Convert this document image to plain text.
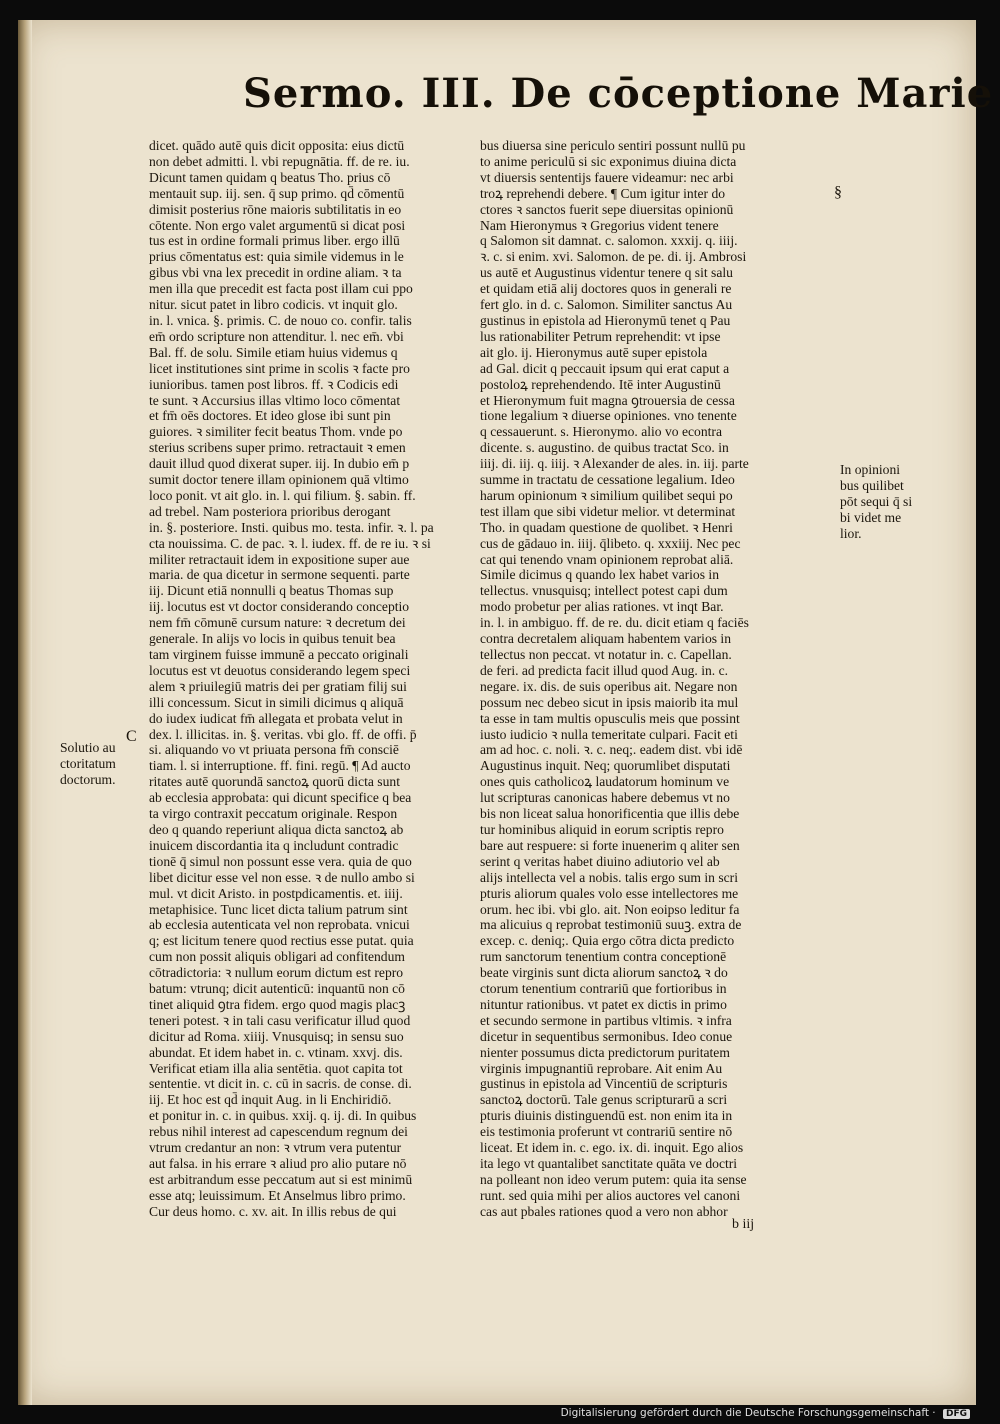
Sermo. III. De cōceptione Marie

dicet. quādo autē quis dicit opposita: eius dictū

non debet admitti. l. vbi repugnātia. ff. de re. iu.

Dicunt tamen quidam q beatus Tho. prius cō

mentauit sup. iij. sen. q̄ sup primo. qd̄ cōmentū

dimisit posterius rōne maioris subtilitatis in eo

cōtente. Non ergo valet argumentū si dicat posi

tus est in ordine formali primus liber. ergo illū

prius cōmentatus est: quia simile videmus in le

gibus vbi vna lex precedit in ordine aliam. ꝛ ta

men illa que precedit est facta post illam cui ppo

nitur. sicut patet in libro codicis. vt inquit glo.

in. l. vnica. §. primis. C. de nouo co. confir. talis

em̄ ordo scripture non attenditur. l. nec em̄. vbi

Bal. ff. de solu. Simile etiam huius videmus q

licet institutiones sint prime in scolis ꝛ facte pro

iunioribus. tamen post libros. ff. ꝛ Codicis edi

te sunt. ꝛ Accursius illas vltimo loco cōmentat

et fm̄ oēs doctores. Et ideo glose ibi sunt pin

guiores. ꝛ similiter fecit beatus Thom. vnde po

sterius scribens super primo. retractauit ꝛ emen

dauit illud quod dixerat super. iij. In dubio em̄ p

sumit doctor tenere illam opinionem quā vltimo

loco ponit. vt ait glo. in. l. qui filium. §. sabin. ff.

ad trebel. Nam posteriora prioribus derogant

in. §. posteriore. Insti. quibus mo. testa. infir. ꝛ. l. pa

cta nouissima. C. de pac. ꝛ. l. iudex. ff. de re iu. ꝛ si

militer retractauit idem in expositione super aue

maria. de qua dicetur in sermone sequenti. parte

iij. Dicunt etiā nonnulli q beatus Thomas sup

iij. locutus est vt doctor considerando conceptio

nem fm̄ cōmunē cursum nature: ꝛ decretum dei

generale. In alijs vo locis in quibus tenuit bea

tam virginem fuisse immunē a peccato originali

locutus est vt deuotus considerando legem speci

alem ꝛ priuilegiū matris dei per gratiam filij sui

illi concessum. Sicut in simili dicimus q aliquā

do iudex iudicat fm̄ allegata et probata velut in

dex. l. illicitas. in. §. veritas. vbi glo. ff. de offi. p̄

si. aliquando vo vt priuata persona fm̄ consciē

tiam. l. si interruptione. ff. fini. regū. ¶ Ad aucto

ritates autē quorundā sanctoꝝ quorū dicta sunt

ab ecclesia approbata: qui dicunt specifice q bea

ta virgo contraxit peccatum originale. Respon

deo q quando reperiunt aliqua dicta sanctoꝝ ab

inuicem discordantia ita q includunt contradic

tionē q̄ simul non possunt esse vera. quia de quo

libet dicitur esse vel non esse. ꝛ de nullo ambo si

mul. vt dicit Aristo. in postpdicamentis. et. iiij.

metaphisice. Tunc licet dicta talium patrum sint

ab ecclesia autenticata vel non reprobata. vnicui

q; est licitum tenere quod rectius esse putat. quia

cum non possit aliquis obligari ad confitendum

cōtradictoria: ꝛ nullum eorum dictum est repro

batum: vtrunq; dicit autenticū: inquantū non cō

tinet aliquid ꝯtra fidem. ergo quod magis placꝫ

teneri potest. ꝛ in tali casu verificatur illud quod

dicitur ad Roma. xiiij. Vnusquisq; in sensu suo

abundat. Et idem habet in. c. vtinam. xxvj. dis.

Verificat etiam illa alia sentētia. quot capita tot

sententie. vt dicit in. c. cū in sacris. de conse. di.

iij. Et hoc est qd̄ inquit Aug. in li Enchiridiō.

et ponitur in. c. in quibus. xxij. q. ij. di. In quibus

rebus nihil interest ad capescendum regnum dei

vtrum credantur an non: ꝛ vtrum vera putentur

aut falsa. in his errare ꝛ aliud pro alio putare nō

est arbitrandum esse peccatum aut si est minimū

esse atq; leuissimum. Et Anselmus libro primo.

Cur deus homo. c. xv. ait. In illis rebus de qui

bus diuersa sine periculo sentiri possunt nullū pu

to anime periculū si sic exponimus diuina dicta

vt diuersis sententijs fauere videamur: nec arbi

troꝝ reprehendi debere. ¶ Cum igitur inter do

ctores ꝛ sanctos fuerit sepe diuersitas opinionū

Nam Hieronymus ꝛ Gregorius vident tenere

q Salomon sit damnat. c. salomon. xxxij. q. iiij.

ꝛ. c. si enim. xvi. Salomon. de pe. di. ij. Ambrosi

us autē et Augustinus videntur tenere q sit salu

et quidam etiā alij doctores quos in generali re

fert glo. in d. c. Salomon. Similiter sanctus Au

gustinus in epistola ad Hieronymū tenet q Pau

lus rationabiliter Petrum reprehendit: vt ipse

ait glo. ij. Hieronymus autē super epistola

ad Gal. dicit q peccauit ipsum qui erat caput a

postoloꝝ reprehendendo. Itē inter Augustinū

et Hieronymum fuit magna ꝯtrouersia de cessa

tione legalium ꝛ diuerse opiniones. vno tenente

q cessauerunt. s. Hieronymo. alio vo econtra

dicente. s. augustino. de quibus tractat Sco. in

iiij. di. iij. q. iiij. ꝛ Alexander de ales. in. iij. parte

summe in tractatu de cessatione legalium. Ideo

harum opinionum ꝛ similium quilibet sequi po

test illam que sibi videtur melior. vt determinat

Tho. in quadam questione de quolibet. ꝛ Henri

cus de gādauo in. iiij. q̄libeto. q. xxxiij. Nec pec

cat qui tenendo vnam opinionem reprobat aliā.

Simile dicimus q quando lex habet varios in

tellectus. vnusquisq; intellect potest capi dum

modo probetur per alias rationes. vt inqt Bar.

in. l. in ambiguo. ff. de re. du. dicit etiam q faciēs

contra decretalem aliquam habentem varios in

tellectus non peccat. vt notatur in. c. Capellan.

de feri. ad predicta facit illud quod Aug. in. c.

negare. ix. dis. de suis operibus ait. Negare non

possum nec debeo sicut in ipsis maiorib ita mul

ta esse in tam multis opusculis meis que possint

iusto iudicio ꝛ nulla temeritate culpari. Facit eti

am ad hoc. c. noli. ꝛ. c. neq;. eadem dist. vbi idē

Augustinus inquit. Neq; quorumlibet disputati

ones quis catholicoꝝ laudatorum hominum ve

lut scripturas canonicas habere debemus vt no

bis non liceat salua honorificentia que illis debe

tur hominibus aliquid in eorum scriptis repro

bare aut respuere: si forte inuenerim q aliter sen

serint q veritas habet diuino adiutorio vel ab

alijs intellecta vel a nobis. talis ergo sum in scri

pturis aliorum quales volo esse intellectores me

orum. hec ibi. vbi glo. ait. Non eoipso leditur fa

ma alicuius q reprobat testimoniū suuꝫ. extra de

excep. c. deniq;. Quia ergo cōtra dicta predicto

rum sanctorum tenentium contra conceptionē

beate virginis sunt dicta aliorum sanctoꝝ ꝛ do

ctorum tenentium contrariū que fortioribus in

nituntur rationibus. vt patet ex dictis in primo

et secundo sermone in partibus vltimis. ꝛ infra

dicetur in sequentibus sermonibus. Ideo conue

nienter possumus dicta predictorum puritatem

virginis impugnantiū reprobare. Ait enim Au

gustinus in epistola ad Vincentiū de scripturis

sanctoꝝ doctorū. Tale genus scripturarū a scri

pturis diuinis distinguendū est. non enim ita in

eis testimonia proferunt vt contrariū sentire nō

liceat. Et idem in. c. ego. ix. di. inquit. Ego alios

ita lego vt quantalibet sanctitate quāta ve doctri

na polleant non ideo verum putem: quia ita sense

runt. sed quia mihi per alios auctores vel canoni

cas aut pbales rationes quod a vero non abhor

§
C

In opinioni

bus quilibet

pōt sequi q̄ si

bi videt me

lior.

Solutio au

ctoritatum

doctorum.

b iij
Digitalisierung gefördert durch die Deutsche Forschungsgemeinschaft · DFG
